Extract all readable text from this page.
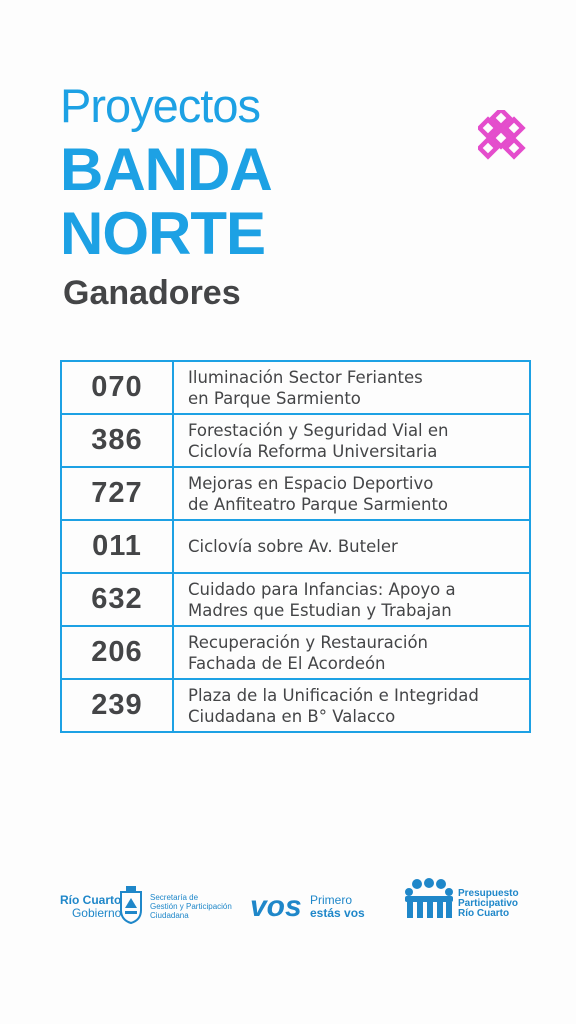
Proyectos
BANDA
NORTE
Ganadores
070	Iluminación Sector Feriantes
en Parque Sarmiento

386	Forestación y Seguridad Vial en
Ciclovía Reforma Universitaria

727	Mejoras en Espacio Deportivo
de Anfiteatro Parque Sarmiento

011	Ciclovía sobre Av. Buteler

632	Cuidado para Infancias: Apoyo a
Madres que Estudian y Trabajan

206	Recuperación y Restauración
Fachada de El Acordeón

239	Plaza de la Unificación e Integridad
Ciudadana en B° Valacco
Río Cuarto
Gobierno
Secretaría de
Gestión y Participación
Ciudadana	vos Primero
estás vos
Presupuesto
Participativo
Río Cuarto
